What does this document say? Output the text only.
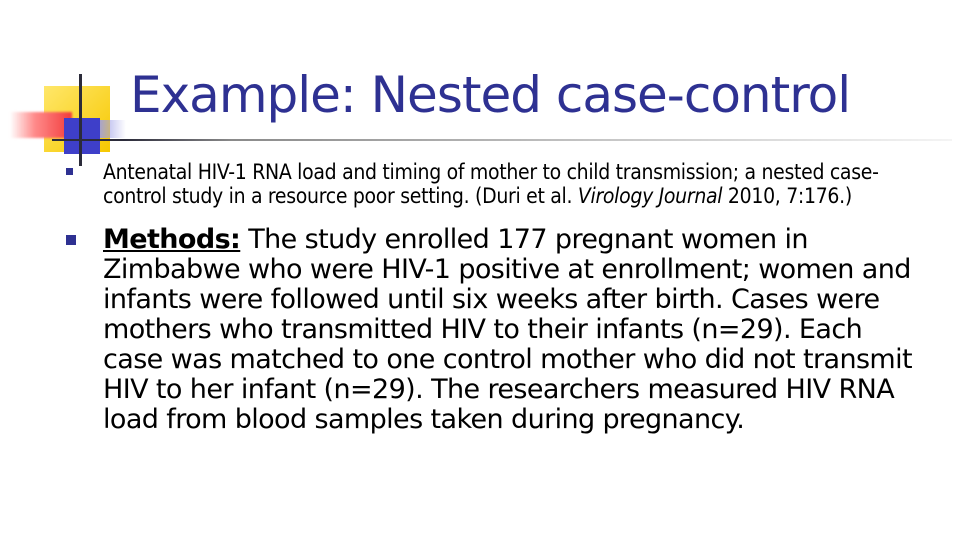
Example: Nested case-control
Antenatal HIV-1 RNA load and timing of mother to child transmission; a nested case-control study in a resource poor setting. (Duri et al. Virology Journal 2010, 7:176.)
Methods: The study enrolled 177 pregnant women in Zimbabwe who were HIV-1 positive at enrollment; women and infants were followed until six weeks after birth. Cases were mothers who transmitted HIV to their infants (n=29). Each case was matched to one control mother who did not transmit HIV to her infant (n=29). The researchers measured HIV RNA load from blood samples taken during pregnancy.
